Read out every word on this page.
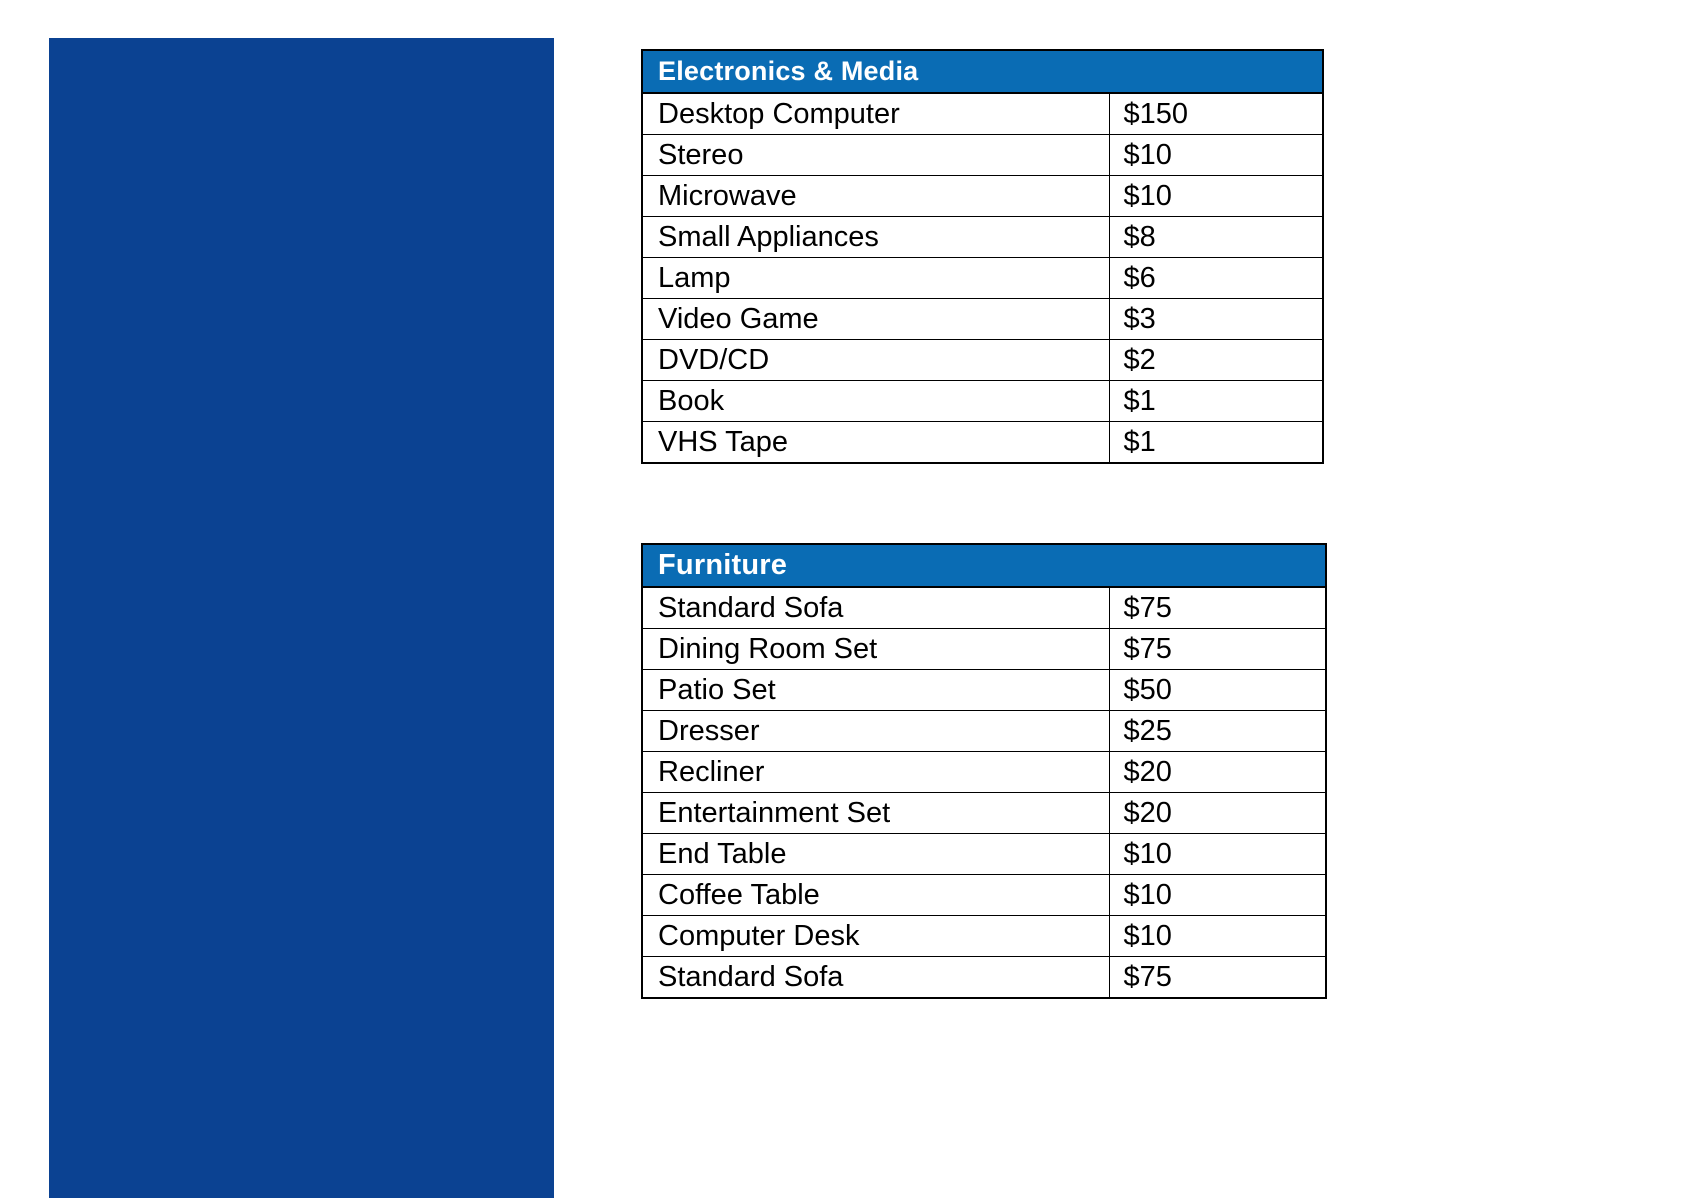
Electronics & Media	
Desktop Computer	$150
Stereo	$10
Microwave	$10
Small Appliances	$8
Lamp	$6
Video Game	$3
DVD/CD	$2
Book	$1
VHS Tape	$1
Furniture	
Standard Sofa	$75
Dining Room Set	$75
Patio Set	$50
Dresser	$25
Recliner	$20
Entertainment Set	$20
End Table	$10
Coffee Table	$10
Computer Desk	$10
Standard Sofa	$75
